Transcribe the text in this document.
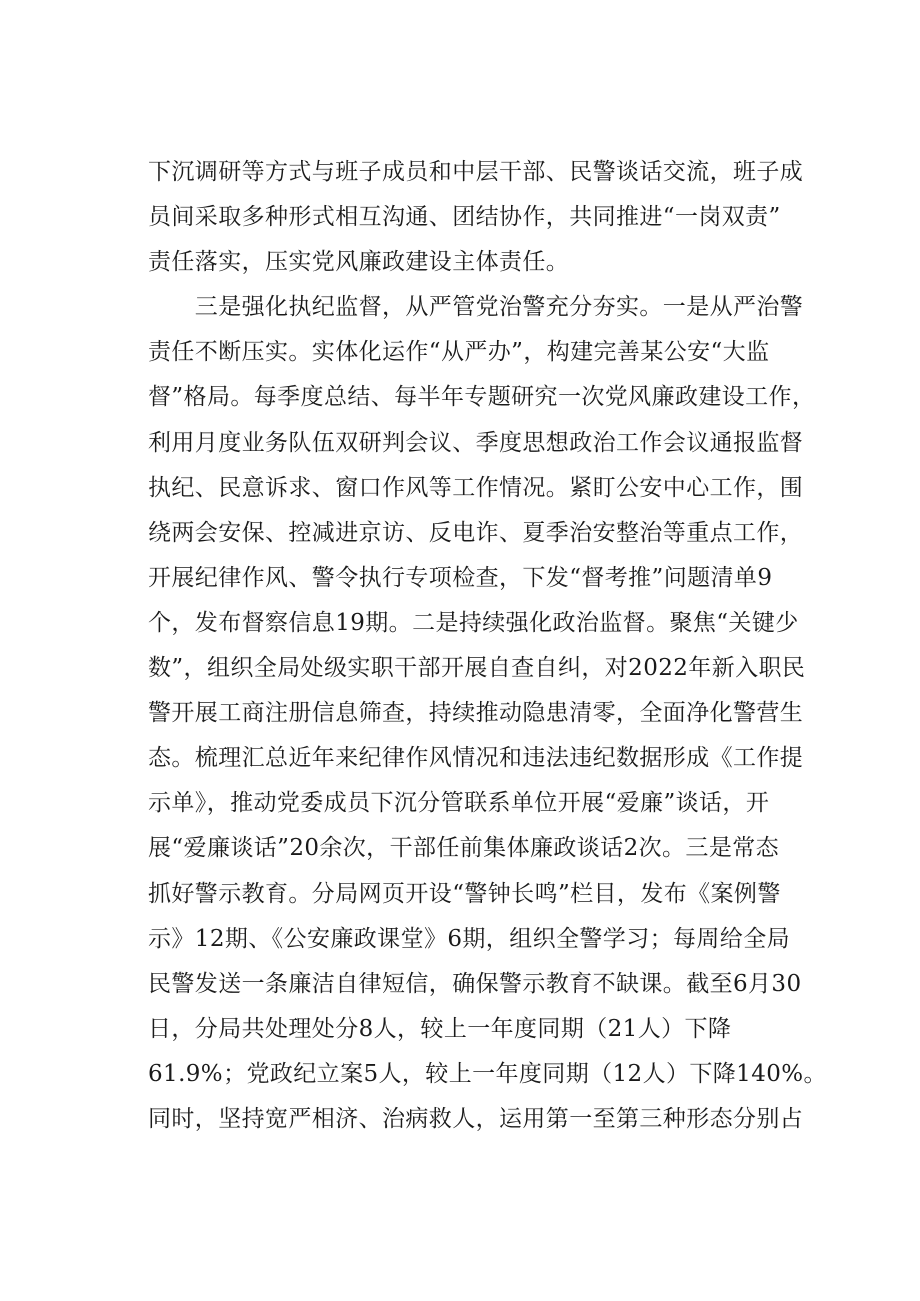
下沉调研等方式与班子成员和中层干部、民警谈话交流，班子成
员间采取多种形式相互沟通、团结协作，共同推进“一岗双责”
责任落实，压实党风廉政建设主体责任。
　　三是强化执纪监督，从严管党治警充分夯实。一是从严治警
责任不断压实。实体化运作“从严办”，构建完善某公安“大监
督”格局。每季度总结、每半年专题研究一次党风廉政建设工作，
利用月度业务队伍双研判会议、季度思想政治工作会议通报监督
执纪、民意诉求、窗口作风等工作情况。紧盯公安中心工作，围
绕两会安保、控减进京访、反电诈、夏季治安整治等重点工作，
开展纪律作风、警令执行专项检查，下发“督考推”问题清单9
个，发布督察信息19期。二是持续强化政治监督。聚焦“关键少
数”，组织全局处级实职干部开展自查自纠，对2022年新入职民
警开展工商注册信息筛查，持续推动隐患清零，全面净化警营生
态。梳理汇总近年来纪律作风情况和违法违纪数据形成《工作提
示单》，推动党委成员下沉分管联系单位开展“爱廉”谈话，开
展“爱廉谈话”20余次，干部任前集体廉政谈话2次。三是常态
抓好警示教育。分局网页开设“警钟长鸣”栏目，发布《案例警
示》12期、《公安廉政课堂》6期，组织全警学习；每周给全局
民警发送一条廉洁自律短信，确保警示教育不缺课。截至6月30
日，分局共处理处分8人，较上一年度同期（21人）下降
61.9%；党政纪立案5人，较上一年度同期（12人）下降140%。
同时，坚持宽严相济、治病救人，运用第一至第三种形态分别占
